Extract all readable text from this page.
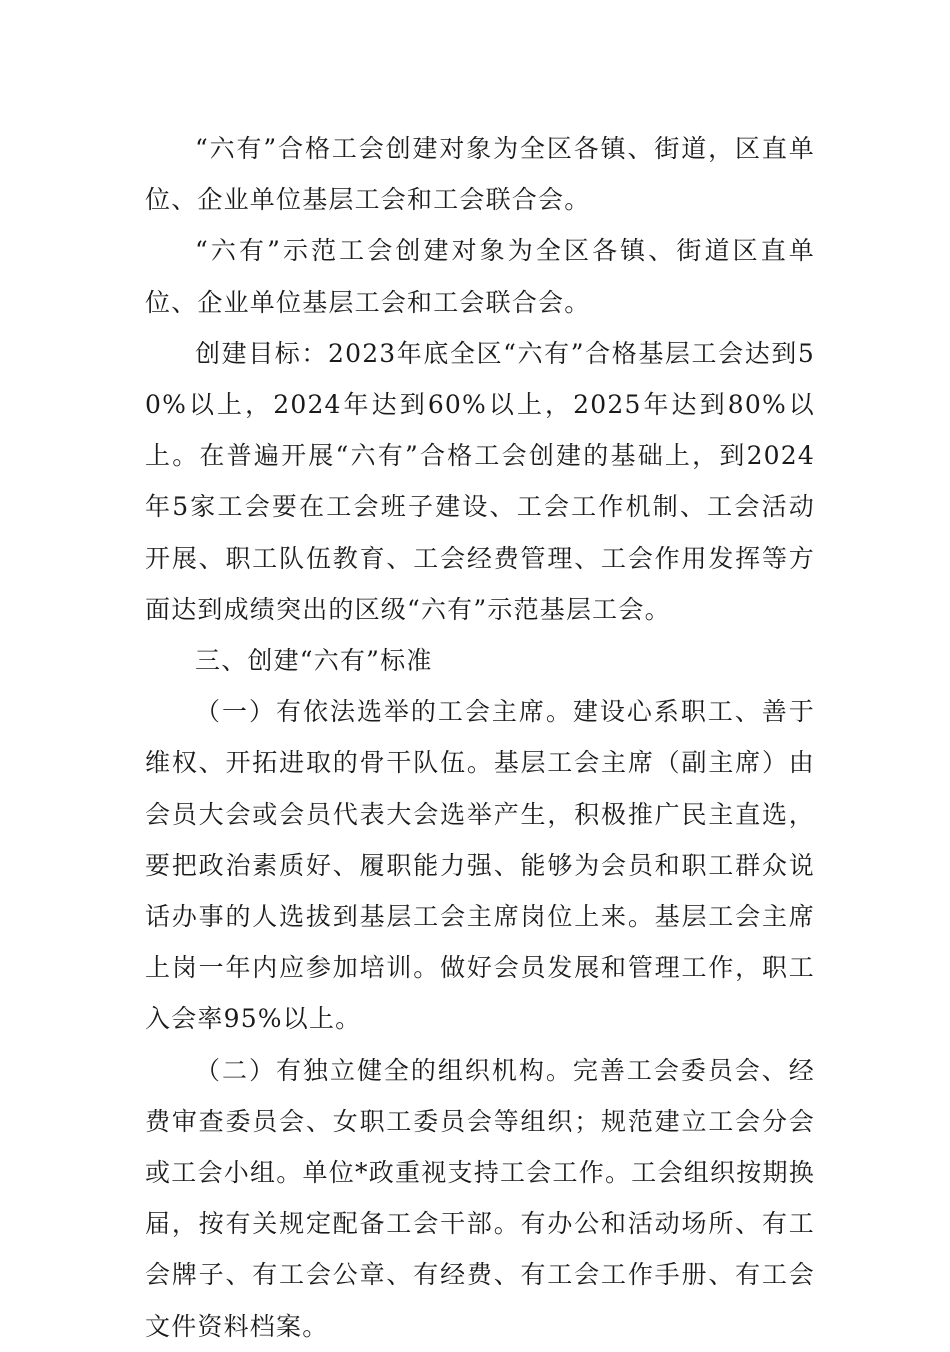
“六有”合格工会创建对象为全区各镇、街道，区直单位、企业单位基层工会和工会联合会。

“六有”示范工会创建对象为全区各镇、街道区直单位、企业单位基层工会和工会联合会。

创建目标：2023年底全区“六有”合格基层工会达到50%以上，2024年达到60%以上，2025年达到80%以上。在普遍开展“六有”合格工会创建的基础上，到2024年5家工会要在工会班子建设、工会工作机制、工会活动开展、职工队伍教育、工会经费管理、工会作用发挥等方面达到成绩突出的区级“六有”示范基层工会。

三、创建“六有”标准

（一）有依法选举的工会主席。建设心系职工、善于维权、开拓进取的骨干队伍。基层工会主席（副主席）由会员大会或会员代表大会选举产生，积极推广民主直选，要把政治素质好、履职能力强、能够为会员和职工群众说话办事的人选拔到基层工会主席岗位上来。基层工会主席上岗一年内应参加培训。做好会员发展和管理工作，职工入会率95%以上。

（二）有独立健全的组织机构。完善工会委员会、经费审查委员会、女职工委员会等组织；规范建立工会分会或工会小组。单位*政重视支持工会工作。工会组织按期换届，按有关规定配备工会干部。有办公和活动场所、有工会牌子、有工会公章、有经费、有工会工作手册、有工会文件资料档案。
